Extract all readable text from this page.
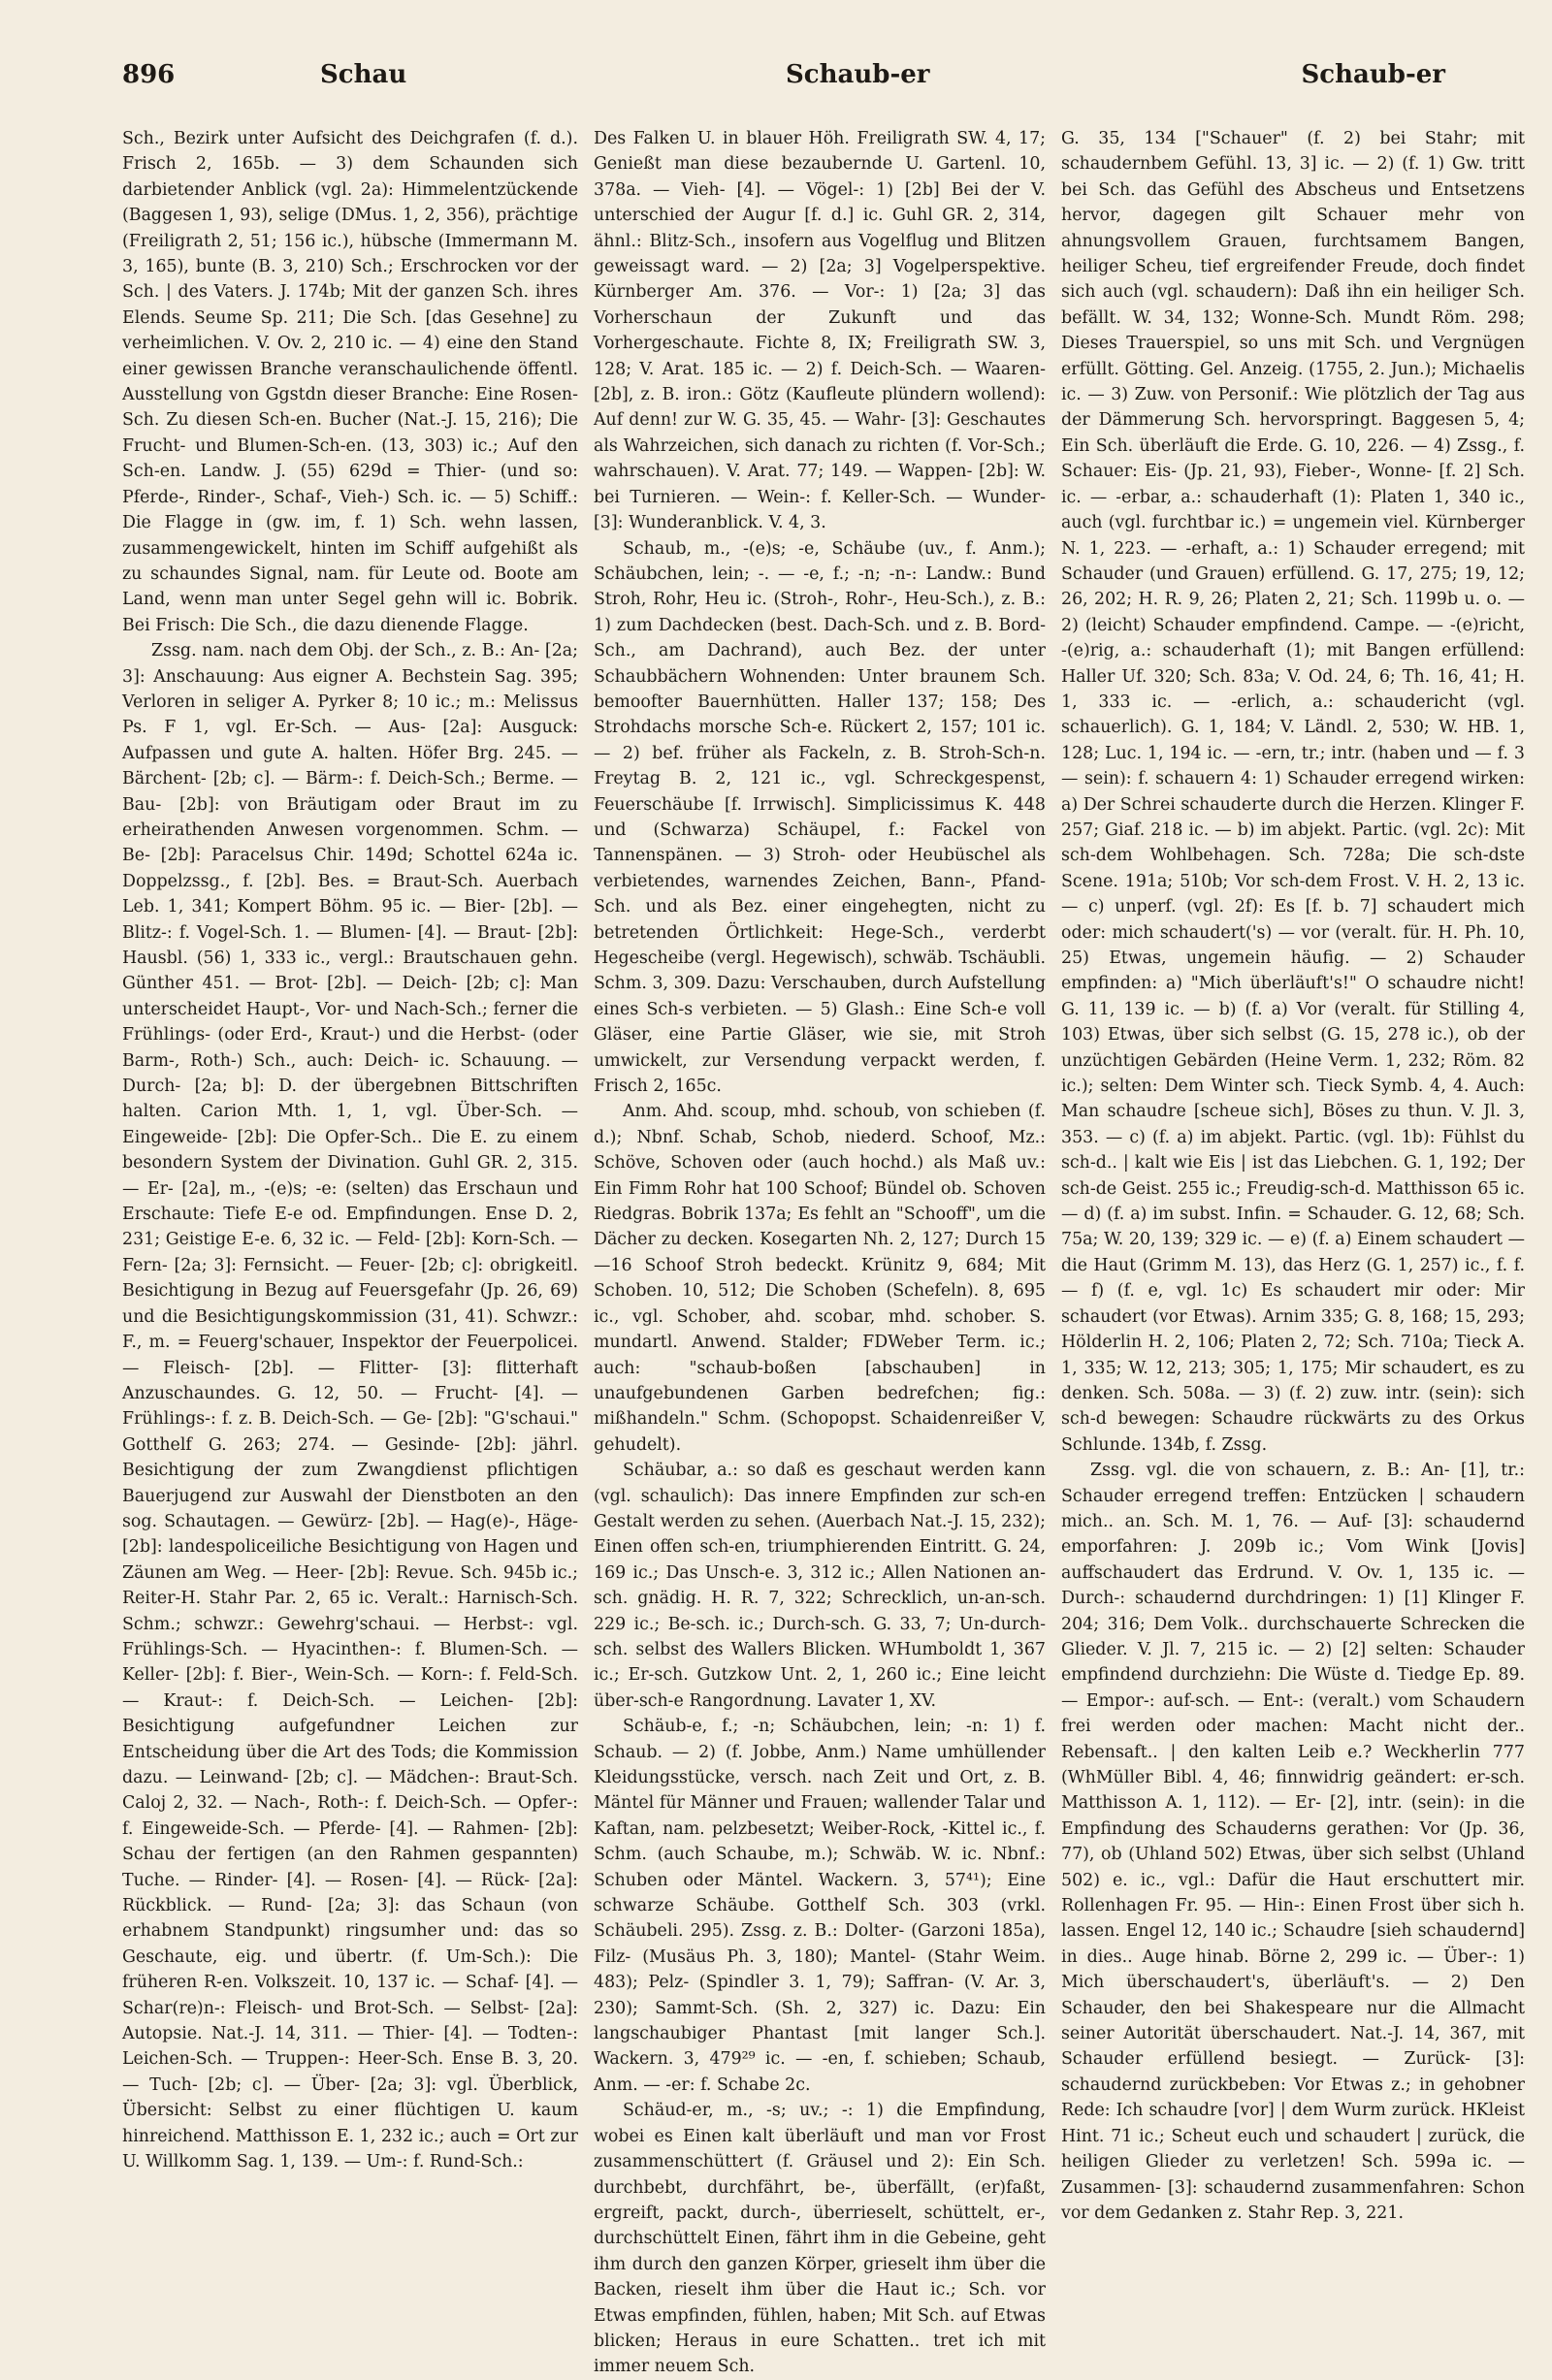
896	Schau	Schaub-er	Schaub-er

Sch., Bezirk unter Aufsicht des Deichgrafen (f. d.). Frisch 2, 165b. — 3) dem Schaunden sich darbietender Anblick (vgl. 2a): Himmelentzückende (Baggesen 1, 93), selige (DMus. 1, 2, 356), prächtige (Freiligrath 2, 51; 156 ic.), hübsche (Immermann M. 3, 165), bunte (B. 3, 210) Sch.; Erschrocken vor der Sch. | des Vaters. J. 174b; Mit der ganzen Sch. ihres Elends. Seume Sp. 211; Die Sch. [das Gesehne] zu verheimlichen. V. Ov. 2, 210 ic. — 4) eine den Stand einer gewissen Branche veranschaulichende öffentl. Ausstellung von Ggstdn dieser Branche: Eine Rosen-Sch. Zu diesen Sch-en. Bucher (Nat.-J. 15, 216); Die Frucht- und Blumen-Sch-en. (13, 303) ic.; Auf den Sch-en. Landw. J. (55) 629d = Thier- (und so: Pferde-, Rinder-, Schaf-, Vieh-) Sch. ic. — 5) Schiff.: Die Flagge in (gw. im, f. 1) Sch. wehn lassen, zusammengewickelt, hinten im Schiff aufgehißt als zu schaundes Signal, nam. für Leute od. Boote am Land, wenn man unter Segel gehn will ic. Bobrik. Bei Frisch: Die Sch., die dazu dienende Flagge.

Zssg. nam. nach dem Obj. der Sch., z. B.: An- [2a; 3]: Anschauung: Aus eigner A. Bechstein Sag. 395; Verloren in seliger A. Pyrker 8; 10 ic.; m.: Melissus Ps. F 1, vgl. Er-Sch. — Aus- [2a]: Ausguck: Aufpassen und gute A. halten. Höfer Brg. 245. — Bärchent- [2b; c]. — Bärm-: f. Deich-Sch.; Berme. — Bau- [2b]: von Bräutigam oder Braut im zu erheirathenden Anwesen vorgenommen. Schm. — Be- [2b]: Paracelsus Chir. 149d; Schottel 624a ic. Doppelzssg., f. [2b]. Bes. = Braut-Sch. Auerbach Leb. 1, 341; Kompert Böhm. 95 ic. — Bier- [2b]. — Blitz-: f. Vogel-Sch. 1. — Blumen- [4]. — Braut- [2b]: Hausbl. (56) 1, 333 ic., vergl.: Brautschauen gehn. Günther 451. — Brot- [2b]. — Deich- [2b; c]: Man unterscheidet Haupt-, Vor- und Nach-Sch.; ferner die Frühlings- (oder Erd-, Kraut-) und die Herbst- (oder Barm-, Roth-) Sch., auch: Deich- ic. Schauung. — Durch- [2a; b]: D. der übergebnen Bittschriften halten. Carion Mth. 1, 1, vgl. Über-Sch. — Eingeweide- [2b]: Die Opfer-Sch.. Die E. zu einem besondern System der Divination. Guhl GR. 2, 315. — Er- [2a], m., -(e)s; -e: (selten) das Erschaun und Erschaute: Tiefe E-e od. Empfindungen. Ense D. 2, 231; Geistige E-e. 6, 32 ic. — Feld- [2b]: Korn-Sch. — Fern- [2a; 3]: Fernsicht. — Feuer- [2b; c]: obrigkeitl. Besichtigung in Bezug auf Feuersgefahr (Jp. 26, 69) und die Besichtigungskommission (31, 41). Schwzr.: F., m. = Feuerg'schauer, Inspektor der Feuerpolicei. — Fleisch- [2b]. — Flitter- [3]: flitterhaft Anzuschaundes. G. 12, 50. — Frucht- [4]. — Frühlings-: f. z. B. Deich-Sch. — Ge- [2b]: "G'schaui." Gotthelf G. 263; 274. — Gesinde- [2b]: jährl. Besichtigung der zum Zwangdienst pflichtigen Bauerjugend zur Auswahl der Dienstboten an den sog. Schautagen. — Gewürz- [2b]. — Hag(e)-, Häge- [2b]: landespoliceiliche Besichtigung von Hagen und Zäunen am Weg. — Heer- [2b]: Revue. Sch. 945b ic.; Reiter-H. Stahr Par. 2, 65 ic. Veralt.: Harnisch-Sch. Schm.; schwzr.: Gewehrg'schaui. — Herbst-: vgl. Frühlings-Sch. — Hyacinthen-: f. Blumen-Sch. — Keller- [2b]: f. Bier-, Wein-Sch. — Korn-: f. Feld-Sch. — Kraut-: f. Deich-Sch. — Leichen- [2b]: Besichtigung aufgefundner Leichen zur Entscheidung über die Art des Tods; die Kommission dazu. — Leinwand- [2b; c]. — Mädchen-: Braut-Sch. Caloj 2, 32. — Nach-, Roth-: f. Deich-Sch. — Opfer-: f. Eingeweide-Sch. — Pferde- [4]. — Rahmen- [2b]: Schau der fertigen (an den Rahmen gespannten) Tuche. — Rinder- [4]. — Rosen- [4]. — Rück- [2a]: Rückblick. — Rund- [2a; 3]: das Schaun (von erhabnem Standpunkt) ringsumher und: das so Geschaute, eig. und übertr. (f. Um-Sch.): Die früheren R-en. Volkszeit. 10, 137 ic. — Schaf- [4]. — Schar(re)n-: Fleisch- und Brot-Sch. — Selbst- [2a]: Autopsie. Nat.-J. 14, 311. — Thier- [4]. — Todten-: Leichen-Sch. — Truppen-: Heer-Sch. Ense B. 3, 20. — Tuch- [2b; c]. — Über- [2a; 3]: vgl. Überblick, Übersicht: Selbst zu einer flüchtigen U. kaum hinreichend. Matthisson E. 1, 232 ic.; auch = Ort zur U. Willkomm Sag. 1, 139. — Um-: f. Rund-Sch.:

Des Falken U. in blauer Höh. Freiligrath SW. 4, 17; Genießt man diese bezaubernde U. Gartenl. 10, 378a. — Vieh- [4]. — Vögel-: 1) [2b] Bei der V. unterschied der Augur [f. d.] ic. Guhl GR. 2, 314, ähnl.: Blitz-Sch., insofern aus Vogelflug und Blitzen geweissagt ward. — 2) [2a; 3] Vogelperspektive. Kürnberger Am. 376. — Vor-: 1) [2a; 3] das Vorherschaun der Zukunft und das Vorhergeschaute. Fichte 8, IX; Freiligrath SW. 3, 128; V. Arat. 185 ic. — 2) f. Deich-Sch. — Waaren- [2b], z. B. iron.: Götz (Kaufleute plündern wollend): Auf denn! zur W. G. 35, 45. — Wahr- [3]: Geschautes als Wahrzeichen, sich danach zu richten (f. Vor-Sch.; wahrschauen). V. Arat. 77; 149. — Wappen- [2b]: W. bei Turnieren. — Wein-: f. Keller-Sch. — Wunder- [3]: Wunderanblick. V. 4, 3.

Schaub, m., -(e)s; -e, Schäube (uv., f. Anm.); Schäubchen, lein; -. — -e, f.; -n; -n-: Landw.: Bund Stroh, Rohr, Heu ic. (Stroh-, Rohr-, Heu-Sch.), z. B.: 1) zum Dachdecken (best. Dach-Sch. und z. B. Bord-Sch., am Dachrand), auch Bez. der unter Schaubbächern Wohnenden: Unter braunem Sch. bemoofter Bauernhütten. Haller 137; 158; Des Strohdachs morsche Sch-e. Rückert 2, 157; 101 ic. — 2) bef. früher als Fackeln, z. B. Stroh-Sch-n. Freytag B. 2, 121 ic., vgl. Schreckgespenst, Feuerschäube [f. Irrwisch]. Simplicissimus K. 448 und (Schwarza) Schäupel, f.: Fackel von Tannenspänen. — 3) Stroh- oder Heubüschel als verbietendes, warnendes Zeichen, Bann-, Pfand-Sch. und als Bez. einer eingehegten, nicht zu betretenden Örtlichkeit: Hege-Sch., verderbt Hegescheibe (vergl. Hegewisch), schwäb. Tschäubli. Schm. 3, 309. Dazu: Verschauben, durch Aufstellung eines Sch-s verbieten. — 5) Glash.: Eine Sch-e voll Gläser, eine Partie Gläser, wie sie, mit Stroh umwickelt, zur Versendung verpackt werden, f. Frisch 2, 165c.

Anm. Ahd. scoup, mhd. schoub, von schieben (f. d.); Nbnf. Schab, Schob, niederd. Schoof, Mz.: Schöve, Schoven oder (auch hochd.) als Maß uv.: Ein Fimm Rohr hat 100 Schoof; Bündel ob. Schoven Riedgras. Bobrik 137a; Es fehlt an "Schooff", um die Dächer zu decken. Kosegarten Nh. 2, 127; Durch 15—16 Schoof Stroh bedeckt. Krünitz 9, 684; Mit Schoben. 10, 512; Die Schoben (Schefeln). 8, 695 ic., vgl. Schober, ahd. scobar, mhd. schober. S. mundartl. Anwend. Stalder; FDWeber Term. ic.; auch: "schaub-boßen [abschauben] in unaufgebundenen Garben bedrefchen; fig.: mißhandeln." Schm. (Schopopst. Schaidenreißer V, gehudelt).

Schäubar, a.: so daß es geschaut werden kann (vgl. schaulich): Das innere Empfinden zur sch-en Gestalt werden zu sehen. (Auerbach Nat.-J. 15, 232); Einen offen sch-en, triumphierenden Eintritt. G. 24, 169 ic.; Das Unsch-e. 3, 312 ic.; Allen Nationen an-sch. gnädig. H. R. 7, 322; Schrecklich, un-an-sch. 229 ic.; Be-sch. ic.; Durch-sch. G. 33, 7; Un-durch-sch. selbst des Wallers Blicken. WHumboldt 1, 367 ic.; Er-sch. Gutzkow Unt. 2, 1, 260 ic.; Eine leicht über-sch-e Rangordnung. Lavater 1, XV.

Schäub-e, f.; -n; Schäubchen, lein; -n: 1) f. Schaub. — 2) (f. Jobbe, Anm.) Name umhüllender Kleidungsstücke, versch. nach Zeit und Ort, z. B. Mäntel für Männer und Frauen; wallender Talar und Kaftan, nam. pelzbesetzt; Weiber-Rock, -Kittel ic., f. Schm. (auch Schaube, m.); Schwäb. W. ic. Nbnf.: Schuben oder Mäntel. Wackern. 3, 57⁴¹); Eine schwarze Schäube. Gotthelf Sch. 303 (vrkl. Schäubeli. 295). Zssg. z. B.: Dolter- (Garzoni 185a), Filz- (Musäus Ph. 3, 180); Mantel- (Stahr Weim. 483); Pelz- (Spindler 3. 1, 79); Saffran- (V. Ar. 3, 230); Sammt-Sch. (Sh. 2, 327) ic. Dazu: Ein langschaubiger Phantast [mit langer Sch.]. Wackern. 3, 479²⁹ ic. — -en, f. schieben; Schaub, Anm. — -er: f. Schabe 2c.

Schäud-er, m., -s; uv.; -: 1) die Empfindung, wobei es Einen kalt überläuft und man vor Frost zusammenschüttert (f. Gräusel und 2): Ein Sch. durchbebt, durchfährt, be-, überfällt, (er)faßt, ergreift, packt, durch-, überrieselt, schüttelt, er-, durchschüttelt Einen, fährt ihm in die Gebeine, geht ihm durch den ganzen Körper, grieselt ihm über die Backen, rieselt ihm über die Haut ic.; Sch. vor Etwas empfinden, fühlen, haben; Mit Sch. auf Etwas blicken; Heraus in eure Schatten.. tret ich mit immer neuem Sch.

G. 35, 134 ["Schauer" (f. 2) bei Stahr; mit schaudernbem Gefühl. 13, 3] ic. — 2) (f. 1) Gw. tritt bei Sch. das Gefühl des Abscheus und Entsetzens hervor, dagegen gilt Schauer mehr von ahnungsvollem Grauen, furchtsamem Bangen, heiliger Scheu, tief ergreifender Freude, doch findet sich auch (vgl. schaudern): Daß ihn ein heiliger Sch. befällt. W. 34, 132; Wonne-Sch. Mundt Röm. 298; Dieses Trauerspiel, so uns mit Sch. und Vergnügen erfüllt. Götting. Gel. Anzeig. (1755, 2. Jun.); Michaelis ic. — 3) Zuw. von Personif.: Wie plötzlich der Tag aus der Dämmerung Sch. hervorspringt. Baggesen 5, 4; Ein Sch. überläuft die Erde. G. 10, 226. — 4) Zssg., f. Schauer: Eis- (Jp. 21, 93), Fieber-, Wonne- [f. 2] Sch. ic. — -erbar, a.: schauderhaft (1): Platen 1, 340 ic., auch (vgl. furchtbar ic.) = ungemein viel. Kürnberger N. 1, 223. — -erhaft, a.: 1) Schauder erregend; mit Schauder (und Grauen) erfüllend. G. 17, 275; 19, 12; 26, 202; H. R. 9, 26; Platen 2, 21; Sch. 1199b u. o. — 2) (leicht) Schauder empfindend. Campe. — -(e)richt, -(e)rig, a.: schauderhaft (1); mit Bangen erfüllend: Haller Uf. 320; Sch. 83a; V. Od. 24, 6; Th. 16, 41; H. 1, 333 ic. — -erlich, a.: schaudericht (vgl. schauerlich). G. 1, 184; V. Ländl. 2, 530; W. HB. 1, 128; Luc. 1, 194 ic. — -ern, tr.; intr. (haben und — f. 3 — sein): f. schauern 4: 1) Schauder erregend wirken: a) Der Schrei schauderte durch die Herzen. Klinger F. 257; Giaf. 218 ic. — b) im abjekt. Partic. (vgl. 2c): Mit sch-dem Wohlbehagen. Sch. 728a; Die sch-dste Scene. 191a; 510b; Vor sch-dem Frost. V. H. 2, 13 ic. — c) unperf. (vgl. 2f): Es [f. b. 7] schaudert mich oder: mich schaudert('s) — vor (veralt. für. H. Ph. 10, 25) Etwas, ungemein häufig. — 2) Schauder empfinden: a) "Mich überläuft's!" O schaudre nicht! G. 11, 139 ic. — b) (f. a) Vor (veralt. für Stilling 4, 103) Etwas, über sich selbst (G. 15, 278 ic.), ob der unzüchtigen Gebärden (Heine Verm. 1, 232; Röm. 82 ic.); selten: Dem Winter sch. Tieck Symb. 4, 4. Auch: Man schaudre [scheue sich], Böses zu thun. V. Jl. 3, 353. — c) (f. a) im abjekt. Partic. (vgl. 1b): Fühlst du sch-d.. | kalt wie Eis | ist das Liebchen. G. 1, 192; Der sch-de Geist. 255 ic.; Freudig-sch-d. Matthisson 65 ic. — d) (f. a) im subst. Infin. = Schauder. G. 12, 68; Sch. 75a; W. 20, 139; 329 ic. — e) (f. a) Einem schaudert — die Haut (Grimm M. 13), das Herz (G. 1, 257) ic., f. f. — f) (f. e, vgl. 1c) Es schaudert mir oder: Mir schaudert (vor Etwas). Arnim 335; G. 8, 168; 15, 293; Hölderlin H. 2, 106; Platen 2, 72; Sch. 710a; Tieck A. 1, 335; W. 12, 213; 305; 1, 175; Mir schaudert, es zu denken. Sch. 508a. — 3) (f. 2) zuw. intr. (sein): sich sch-d bewegen: Schaudre rückwärts zu des Orkus Schlunde. 134b, f. Zssg.

Zssg. vgl. die von schauern, z. B.: An- [1], tr.: Schauder erregend treffen: Entzücken | schaudern mich.. an. Sch. M. 1, 76. — Auf- [3]: schaudernd emporfahren: J. 209b ic.; Vom Wink [Jovis] auffschaudert das Erdrund. V. Ov. 1, 135 ic. — Durch-: schaudernd durchdringen: 1) [1] Klinger F. 204; 316; Dem Volk.. durchschauerte Schrecken die Glieder. V. Jl. 7, 215 ic. — 2) [2] selten: Schauder empfindend durchziehn: Die Wüste d. Tiedge Ep. 89. — Empor-: auf-sch. — Ent-: (veralt.) vom Schaudern frei werden oder machen: Macht nicht der.. Rebensaft.. | den kalten Leib e.? Weckherlin 777 (WhMüller Bibl. 4, 46; finnwidrig geändert: er-sch. Matthisson A. 1, 112). — Er- [2], intr. (sein): in die Empfindung des Schauderns gerathen: Vor (Jp. 36, 77), ob (Uhland 502) Etwas, über sich selbst (Uhland 502) e. ic., vgl.: Dafür die Haut erschuttert mir. Rollenhagen Fr. 95. — Hin-: Einen Frost über sich h. lassen. Engel 12, 140 ic.; Schaudre [sieh schaudernd] in dies.. Auge hinab. Börne 2, 299 ic. — Über-: 1) Mich überschaudert's, überläuft's. — 2) Den Schauder, den bei Shakespeare nur die Allmacht seiner Autorität überschaudert. Nat.-J. 14, 367, mit Schauder erfüllend besiegt. — Zurück- [3]: schaudernd zurückbeben: Vor Etwas z.; in gehobner Rede: Ich schaudre [vor] | dem Wurm zurück. HKleist Hint. 71 ic.; Scheut euch und schaudert | zurück, die heiligen Glieder zu verletzen! Sch. 599a ic. — Zusammen- [3]: schaudernd zusammenfahren: Schon vor dem Gedanken z. Stahr Rep. 3, 221.
